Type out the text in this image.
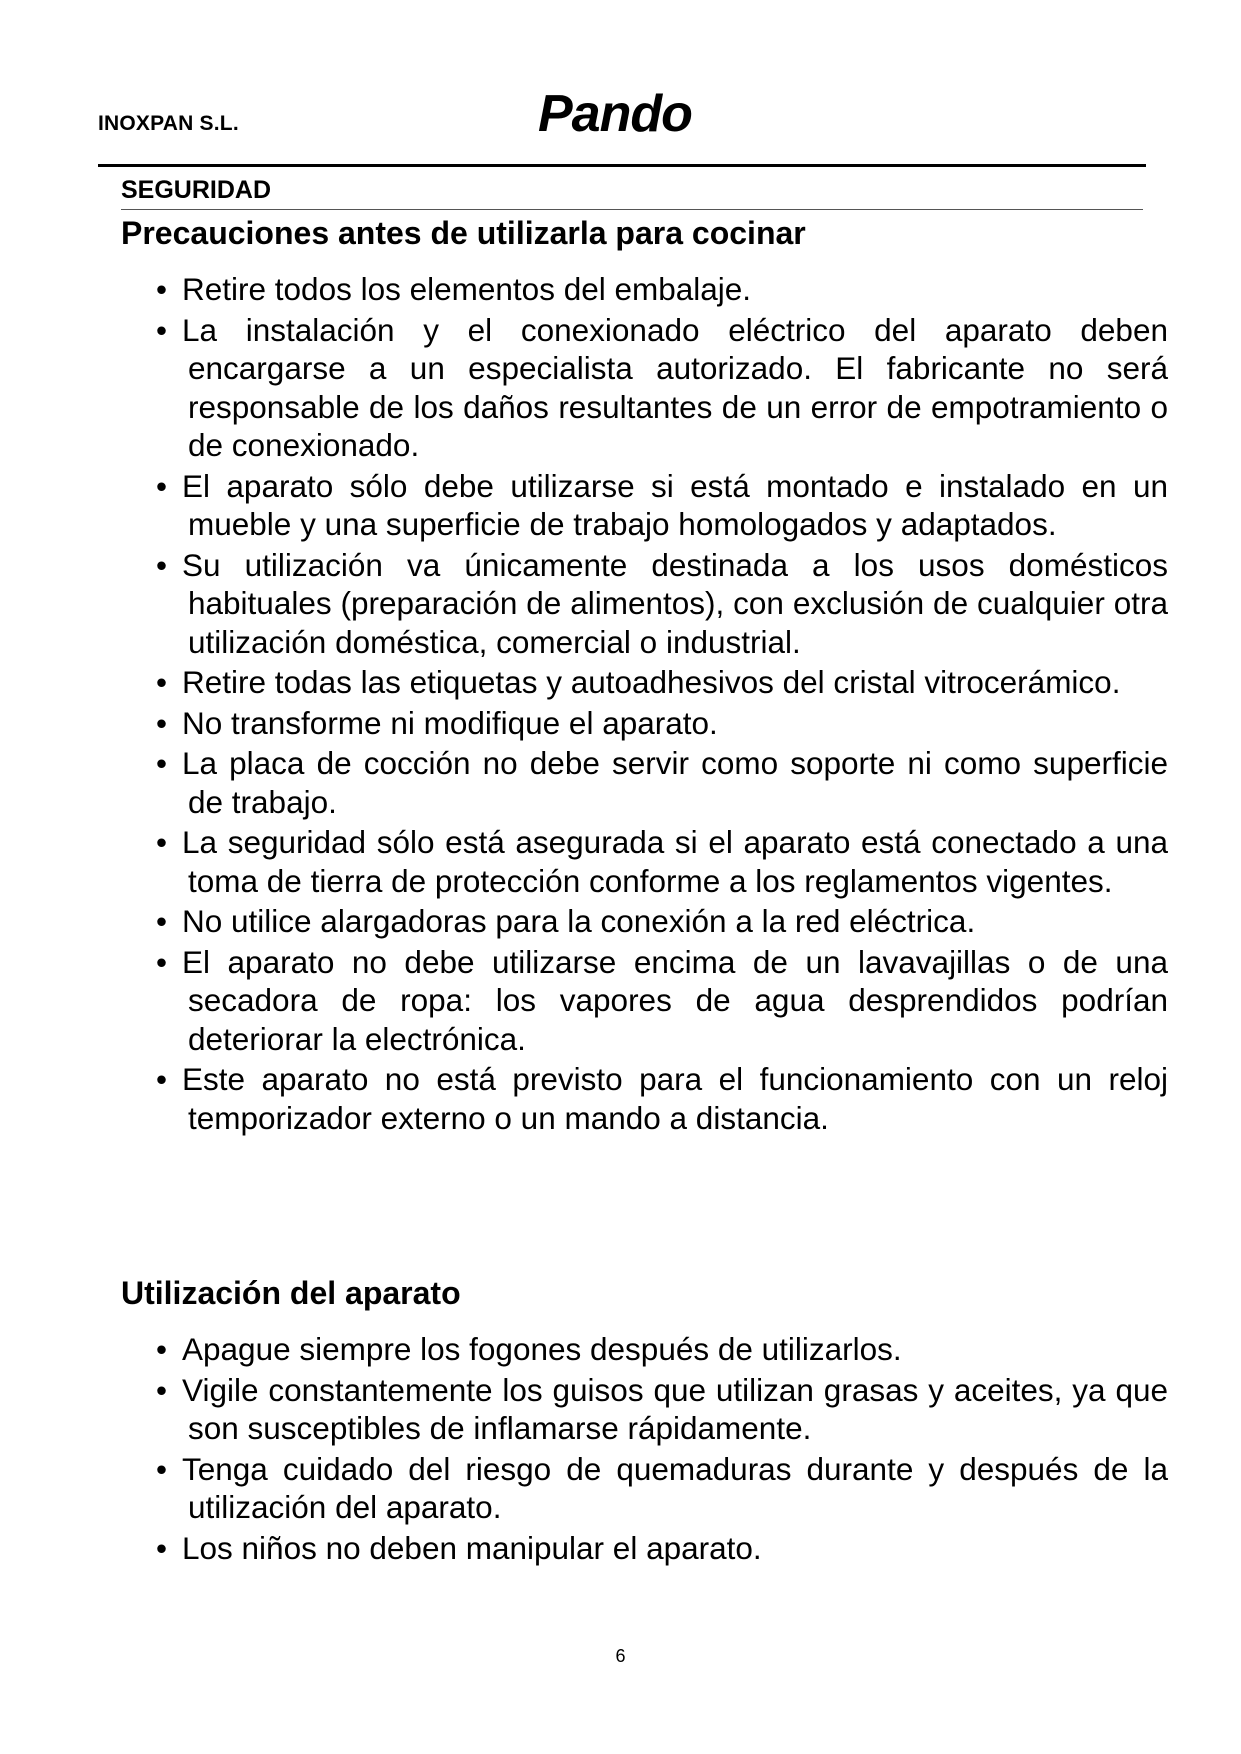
INOXPAN S.L.	Pando
SEGURIDAD
Precauciones antes de utilizarla para cocinar
• Retire todos los elementos del embalaje.
• La instalación y el conexionado eléctrico del aparato deben encargarse a un especialista autorizado. El fabricante no será responsable de los daños resultantes de un error de empotramiento o de conexionado.
• El aparato sólo debe utilizarse si está montado e instalado en un mueble y una superficie de trabajo homologados y adaptados.
• Su utilización va únicamente destinada a los usos domésticos habituales (preparación de alimentos), con exclusión de cualquier otra utilización doméstica, comercial o industrial.
• Retire todas las etiquetas y autoadhesivos del cristal vitrocerámico.
• No transforme ni modifique el aparato.
• La placa de cocción no debe servir como soporte ni como superficie de trabajo.
• La seguridad sólo está asegurada si el aparato está conectado a una toma de tierra de protección conforme a los reglamentos vigentes.
• No utilice alargadoras para la conexión a la red eléctrica.
• El aparato no debe utilizarse encima de un lavavajillas o de una secadora de ropa: los vapores de agua desprendidos podrían deteriorar la electrónica.
• Este aparato no está previsto para el funcionamiento con un reloj temporizador externo o un mando a distancia.
Utilización del aparato
• Apague siempre los fogones después de utilizarlos.
• Vigile constantemente los guisos que utilizan grasas y aceites, ya que son susceptibles de inflamarse rápidamente.
• Tenga cuidado del riesgo de quemaduras durante y después de la utilización del aparato.
• Los niños no deben manipular el aparato.
6
